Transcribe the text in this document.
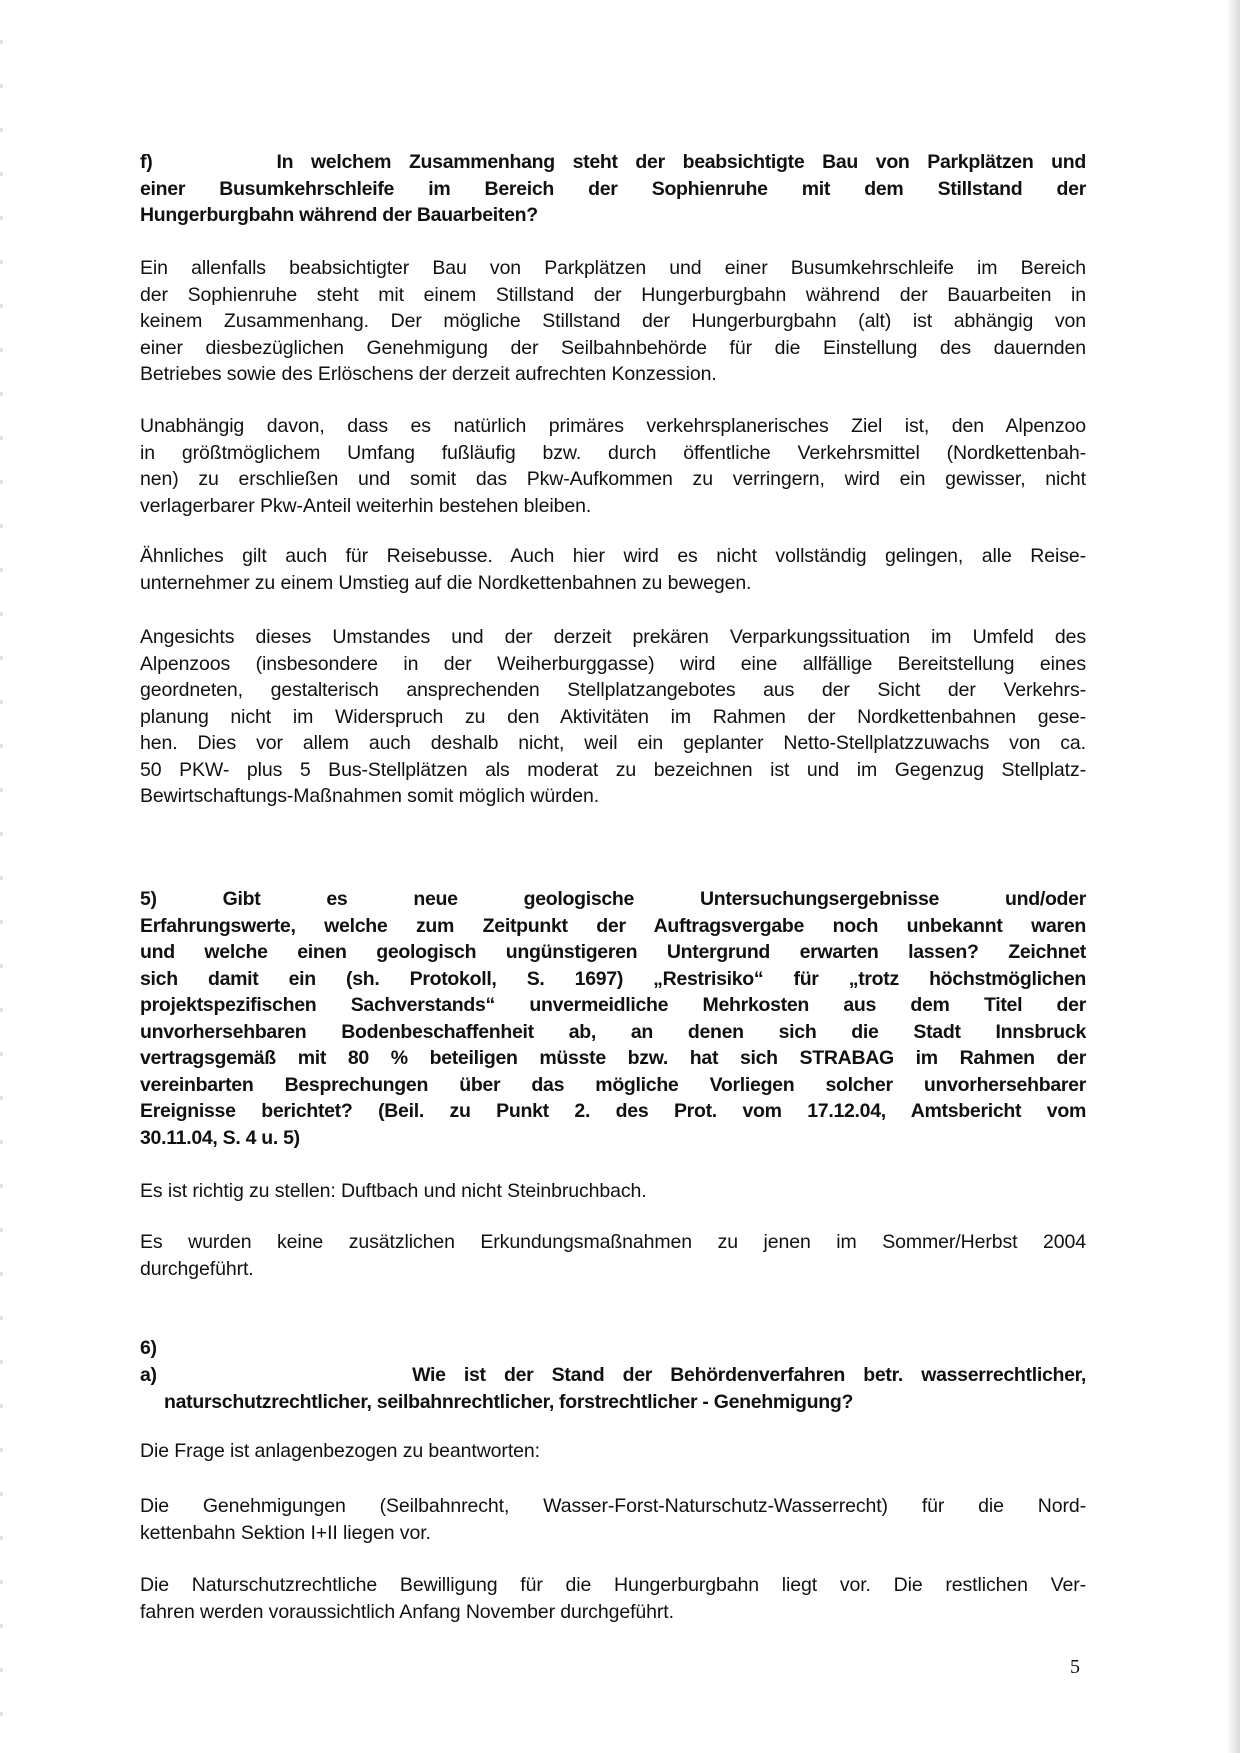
f)       In welchem Zusammenhang steht der beabsichtigte Bau von Parkplätzen und
einer Busumkehrschleife im Bereich der Sophienruhe mit dem Stillstand der
Hungerburgbahn während der Bauarbeiten?
Ein allenfalls beabsichtigter Bau von Parkplätzen und einer Busumkehrschleife im Bereich
der Sophienruhe steht mit einem Stillstand der Hungerburgbahn während der Bauarbeiten in
keinem Zusammenhang. Der mögliche Stillstand der Hungerburgbahn (alt) ist abhängig von
einer diesbezüglichen Genehmigung der Seilbahnbehörde für die Einstellung des dauernden
Betriebes sowie des Erlöschens der derzeit aufrechten Konzession.
Unabhängig davon, dass es natürlich primäres verkehrsplanerisches Ziel ist, den Alpenzoo
in größtmöglichem Umfang fußläufig bzw. durch öffentliche Verkehrsmittel (Nordkettenbah-
nen) zu erschließen und somit das Pkw-Aufkommen zu verringern, wird ein gewisser, nicht
verlagerbarer Pkw-Anteil weiterhin bestehen bleiben.
Ähnliches gilt auch für Reisebusse. Auch hier wird es nicht vollständig gelingen, alle Reise-
unternehmer zu einem Umstieg auf die Nordkettenbahnen zu bewegen.
Angesichts dieses Umstandes und der derzeit prekären Verparkungssituation im Umfeld des
Alpenzoos (insbesondere in der Weiherburggasse) wird eine allfällige Bereitstellung eines
geordneten, gestalterisch ansprechenden Stellplatzangebotes aus der Sicht der Verkehrs-
planung nicht im Widerspruch zu den Aktivitäten im Rahmen der Nordkettenbahnen gese-
hen. Dies vor allem auch deshalb nicht, weil ein geplanter Netto-Stellplatzzuwachs von ca.
50 PKW- plus 5 Bus-Stellplätzen als moderat zu bezeichnen ist und im Gegenzug Stellplatz-
Bewirtschaftungs-Maßnahmen somit möglich würden.
5) Gibt es neue geologische Untersuchungsergebnisse und/oder
Erfahrungswerte, welche zum Zeitpunkt der Auftragsvergabe noch unbekannt waren
und welche einen geologisch ungünstigeren Untergrund erwarten lassen? Zeichnet
sich damit ein (sh. Protokoll, S. 1697) „Restrisiko“ für „trotz höchstmöglichen
projektspezifischen Sachverstands“ unvermeidliche Mehrkosten aus dem Titel der
unvorhersehbaren Bodenbeschaffenheit ab, an denen sich die Stadt Innsbruck
vertragsgemäß mit 80 % beteiligen müsste bzw. hat sich STRABAG im Rahmen der
vereinbarten Besprechungen über das mögliche Vorliegen solcher unvorhersehbarer
Ereignisse berichtet? (Beil. zu Punkt 2. des Prot. vom 17.12.04, Amtsbericht vom
30.11.04, S. 4 u. 5)
Es ist richtig zu stellen: Duftbach und nicht Steinbruchbach.
Es wurden keine zusätzlichen Erkundungsmaßnahmen zu jenen im Sommer/Herbst 2004
durchgeführt.
6)
a)              Wie ist der Stand der Behördenverfahren betr. wasserrechtlicher,
naturschutzrechtlicher, seilbahnrechtlicher, forstrechtlicher - Genehmigung?
Die Frage ist anlagenbezogen zu beantworten:
Die Genehmigungen (Seilbahnrecht, Wasser-Forst-Naturschutz-Wasserrecht) für die Nord-
kettenbahn Sektion I+II liegen vor.
Die Naturschutzrechtliche Bewilligung für die Hungerburgbahn liegt vor. Die restlichen Ver-
fahren werden voraussichtlich Anfang November durchgeführt.
5
